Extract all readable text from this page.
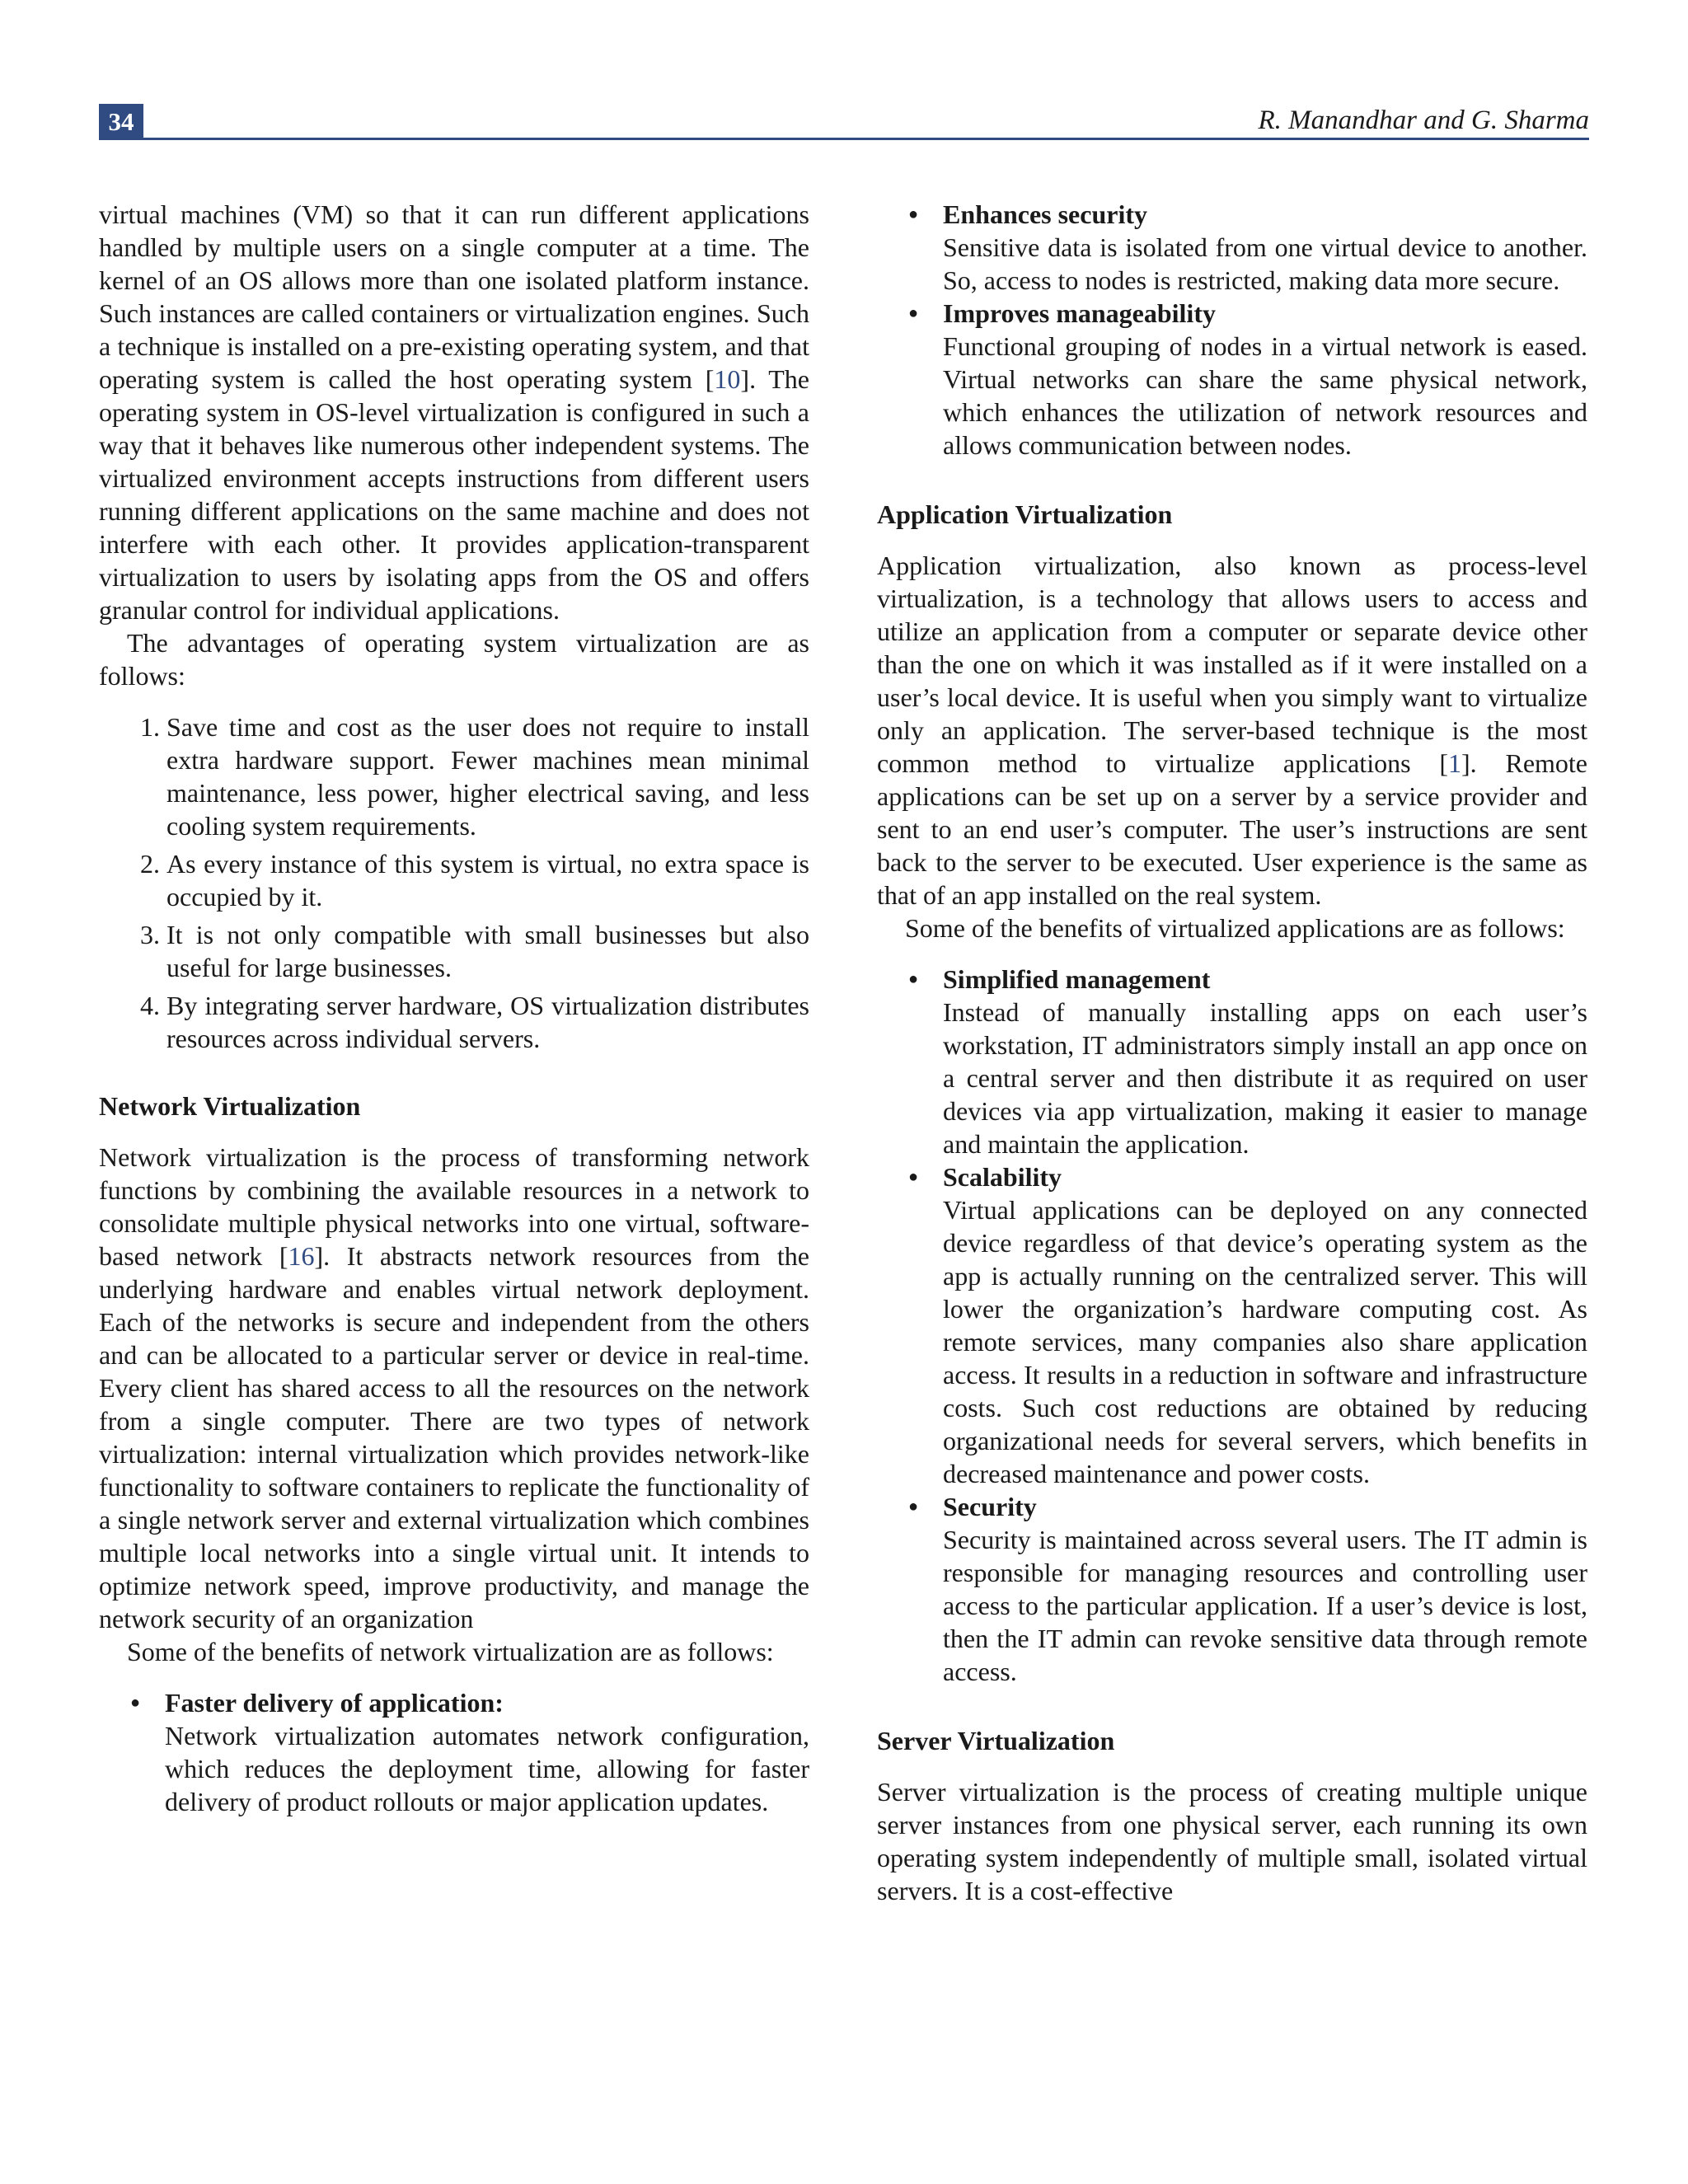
34	R. Manandhar and G. Sharma

virtual machines (VM) so that it can run different applications handled by multiple users on a single computer at a time. The kernel of an OS allows more than one isolated platform instance. Such instances are called containers or virtualization engines. Such a technique is installed on a pre-existing operating system, and that operating system is called the host operating system [10]. The operating system in OS-level virtualization is configured in such a way that it behaves like numerous other independent systems. The virtualized environment accepts instructions from different users running different applications on the same machine and does not interfere with each other. It provides application-transparent virtualization to users by isolating apps from the OS and offers granular control for individual applications.

The advantages of operating system virtualization are as follows:

1. Save time and cost as the user does not require to install extra hardware support. Fewer machines mean minimal maintenance, less power, higher electrical saving, and less cooling system requirements.
2. As every instance of this system is virtual, no extra space is occupied by it.
3. It is not only compatible with small businesses but also useful for large businesses.
4. By integrating server hardware, OS virtualization distributes resources across individual servers.
Network Virtualization

Network virtualization is the process of transforming network functions by combining the available resources in a network to consolidate multiple physical networks into one virtual, software-based network [16]. It abstracts network resources from the underlying hardware and enables virtual network deployment. Each of the networks is secure and independent from the others and can be allocated to a particular server or device in real-time. Every client has shared access to all the resources on the network from a single computer. There are two types of network virtualization: internal virtualization which provides network-like functionality to software containers to replicate the functionality of a single network server and external virtualization which combines multiple local networks into a single virtual unit. It intends to optimize network speed, improve productivity, and manage the network security of an organization

Some of the benefits of network virtualization are as follows:

● Faster delivery of application:
Network virtualization automates network configuration, which reduces the deployment time, allowing for faster delivery of product rollouts or major application updates.
● Enhances security
Sensitive data is isolated from one virtual device to another. So, access to nodes is restricted, making data more secure.
● Improves manageability
Functional grouping of nodes in a virtual network is eased. Virtual networks can share the same physical network, which enhances the utilization of network resources and allows communication between nodes.
Application Virtualization

Application virtualization, also known as process-level virtualization, is a technology that allows users to access and utilize an application from a computer or separate device other than the one on which it was installed as if it were installed on a user’s local device. It is useful when you simply want to virtualize only an application. The server-based technique is the most common method to virtualize applications [1]. Remote applications can be set up on a server by a service provider and sent to an end user’s computer. The user’s instructions are sent back to the server to be executed. User experience is the same as that of an app installed on the real system.

Some of the benefits of virtualized applications are as follows:

● Simplified management
Instead of manually installing apps on each user’s workstation, IT administrators simply install an app once on a central server and then distribute it as required on user devices via app virtualization, making it easier to manage and maintain the application.
● Scalability
Virtual applications can be deployed on any connected device regardless of that device’s operating system as the app is actually running on the centralized server. This will lower the organization’s hardware computing cost. As remote services, many companies also share application access. It results in a reduction in software and infrastructure costs. Such cost reductions are obtained by reducing organizational needs for several servers, which benefits in decreased maintenance and power costs.
● Security
Security is maintained across several users. The IT admin is responsible for managing resources and controlling user access to the particular application. If a user’s device is lost, then the IT admin can revoke sensitive data through remote access.
Server Virtualization

Server virtualization is the process of creating multiple unique server instances from one physical server, each running its own operating system independently of multiple small, isolated virtual servers. It is a cost-effective
